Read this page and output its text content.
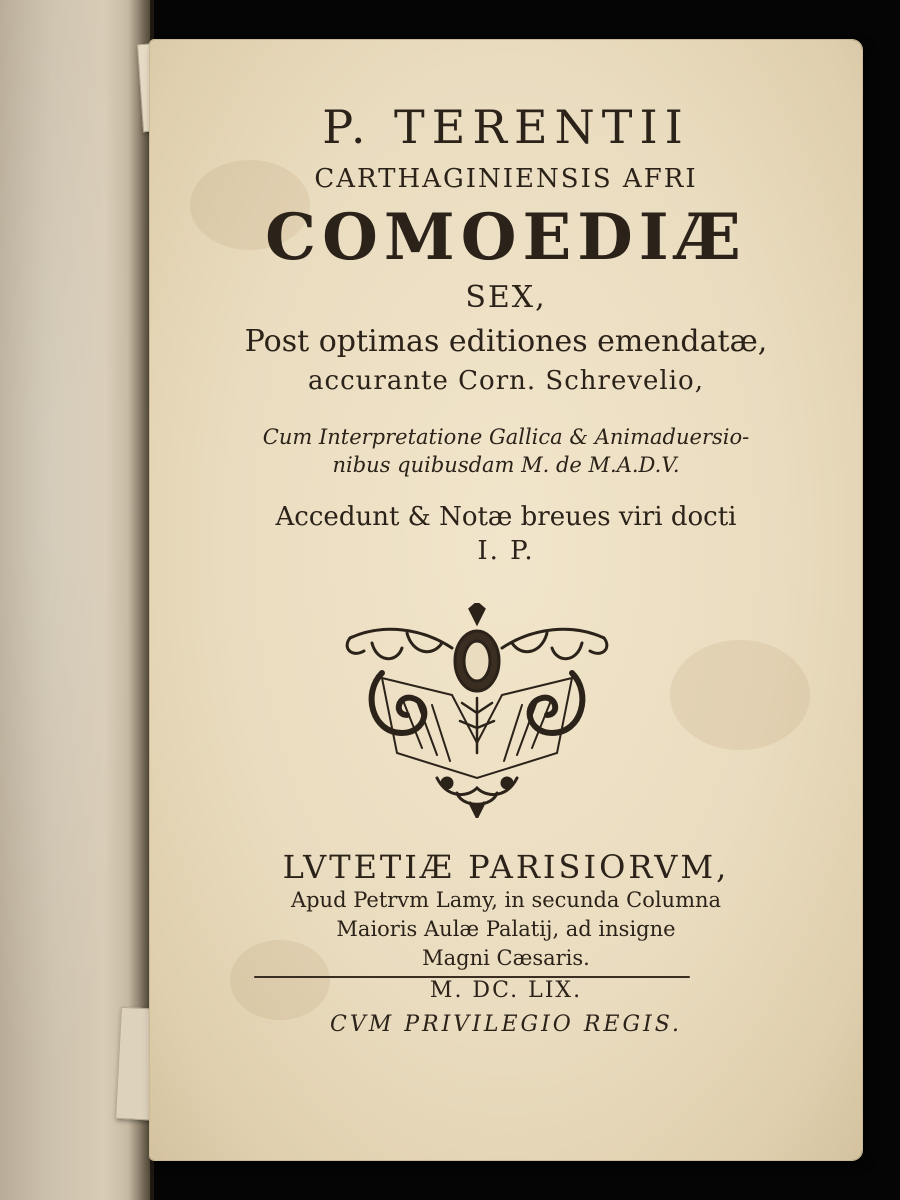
P. TERENTII
CARTHAGINIENSIS AFRI
COMOEDIÆ
SEX,
Post optimas editiones emendatæ,
accurante Corn. Schrevelio,
Cum Interpretatione Gallica & Animaduersio-
nibus quibusdam M. de M.A.D.V.
Accedunt & Notæ breues viri docti
I. P.
LVTETIÆ PARISIORVM,
Apud Petrvm Lamy, in secunda Columna
Maioris Aulæ Palatij, ad insigne
Magni Cæsaris.
M. DC. LIX.
CVM PRIVILEGIO REGIS.
